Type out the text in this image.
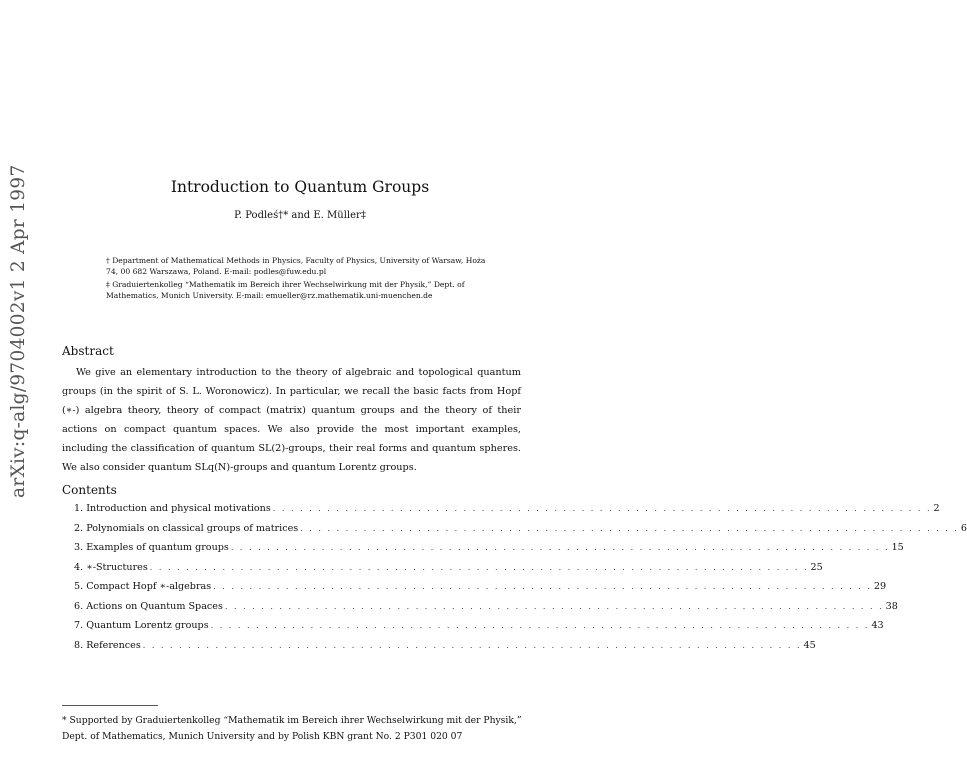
arXiv:q-alg/9704002v1 2 Apr 1997	Introduction to Quantum Groups
P. Podleś†* and E. Müller‡
† Department of Mathematical Methods in Physics, Faculty of Physics, University of Warsaw, Hoża 74, 00 682 Warszawa, Poland. E-mail: podles@fuw.edu.pl
‡ Graduiertenkolleg “Mathematik im Bereich ihrer Wechselwirkung mit der Physik,” Dept. of Mathematics, Munich University. E-mail: emueller@rz.mathematik.uni-muenchen.de
Abstract
We give an elementary introduction to the theory of algebraic and topological quantum groups (in the spirit of S. L. Woronowicz). In particular, we recall the basic facts from Hopf (∗-) algebra theory, theory of compact (matrix) quantum groups and the theory of their actions on compact quantum spaces. We also provide the most important examples, including the classification of quantum SL(2)-groups, their real forms and quantum spheres. We also consider quantum SLq(N)-groups and quantum Lorentz groups.
Contents
1. Introduction and physical motivations . . . . . . . . . . . . . . . . . . . . . . . . . . . . . . . . . . . . . . . . . . . . . . . . . . . . . . . . . . . . . . . . . . . . . . . . . 2
2. Polynomials on classical groups of matrices . . . . . . . . . . . . . . . . . . . . . . . . . . . . . . . . . . . . . . . . . . . . . . . . . . . . . . . . . . . . . . . . . . . . . . . . . 6
3. Examples of quantum groups . . . . . . . . . . . . . . . . . . . . . . . . . . . . . . . . . . . . . . . . . . . . . . . . . . . . . . . . . . . . . . . . . . . . . . . . . 15
4. ∗-Structures . . . . . . . . . . . . . . . . . . . . . . . . . . . . . . . . . . . . . . . . . . . . . . . . . . . . . . . . . . . . . . . . . . . . . . . . . 25
5. Compact Hopf ∗-algebras . . . . . . . . . . . . . . . . . . . . . . . . . . . . . . . . . . . . . . . . . . . . . . . . . . . . . . . . . . . . . . . . . . . . . . . . . 29
6. Actions on Quantum Spaces . . . . . . . . . . . . . . . . . . . . . . . . . . . . . . . . . . . . . . . . . . . . . . . . . . . . . . . . . . . . . . . . . . . . . . . . . 38
7. Quantum Lorentz groups . . . . . . . . . . . . . . . . . . . . . . . . . . . . . . . . . . . . . . . . . . . . . . . . . . . . . . . . . . . . . . . . . . . . . . . . . 43
8. References . . . . . . . . . . . . . . . . . . . . . . . . . . . . . . . . . . . . . . . . . . . . . . . . . . . . . . . . . . . . . . . . . . . . . . . . . 45
* Supported by Graduiertenkolleg “Mathematik im Bereich ihrer Wechselwirkung mit der Physik,” Dept. of Mathematics, Munich University and by Polish KBN grant No. 2 P301 020 07
